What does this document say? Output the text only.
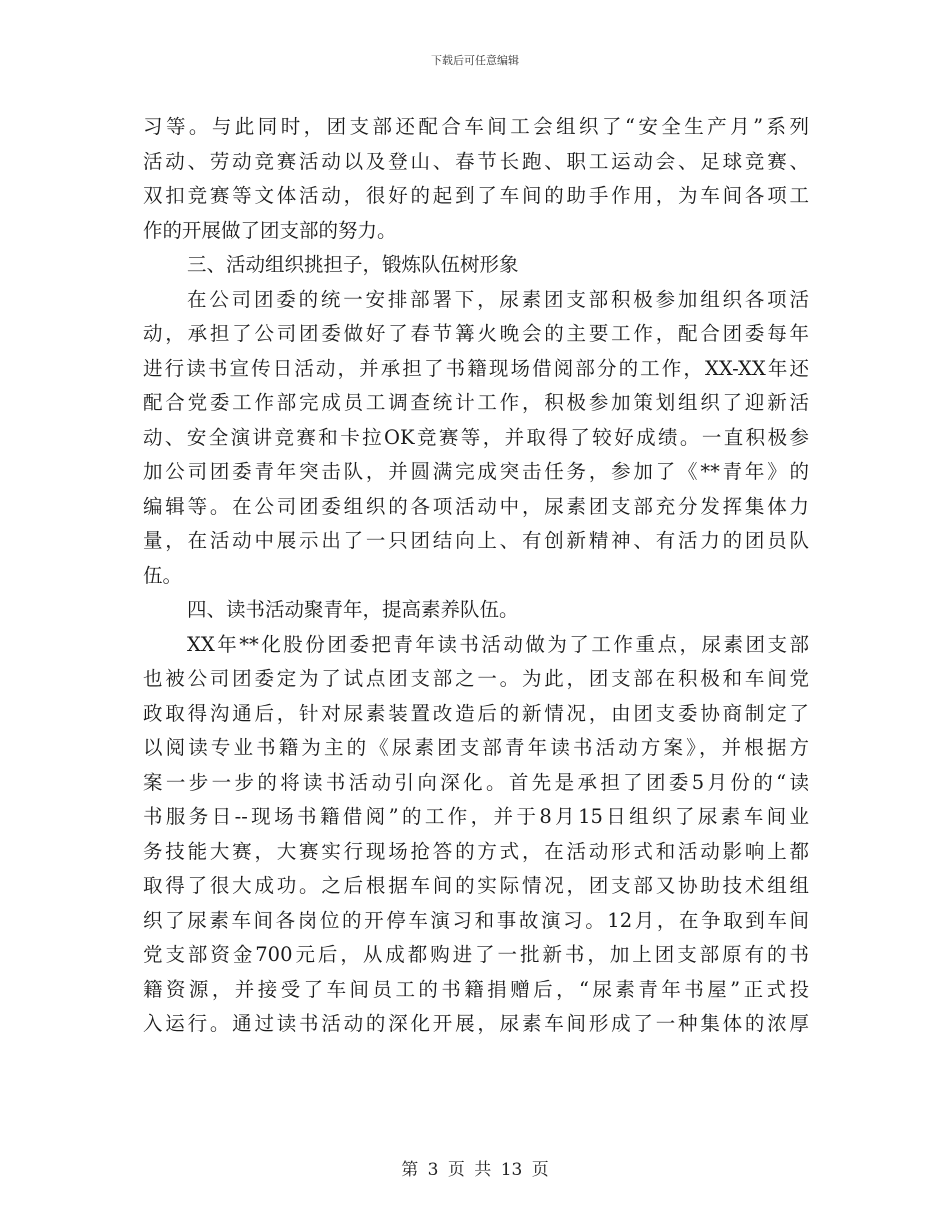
下载后可任意编辑
习等。与此同时，团支部还配合车间工会组织了“安全生产月”系列
活动、劳动竞赛活动以及登山、春节长跑、职工运动会、足球竞赛、
双扣竞赛等文体活动，很好的起到了车间的助手作用，为车间各项工
作的开展做了团支部的努力。
三、活动组织挑担子，锻炼队伍树形象
在公司团委的统一安排部署下，尿素团支部积极参加组织各项活
动，承担了公司团委做好了春节篝火晚会的主要工作，配合团委每年
进行读书宣传日活动，并承担了书籍现场借阅部分的工作，XX-XX年还
配合党委工作部完成员工调查统计工作，积极参加策划组织了迎新活
动、安全演讲竞赛和卡拉OK竞赛等，并取得了较好成绩。一直积极参
加公司团委青年突击队，并圆满完成突击任务，参加了《**青年》的
编辑等。在公司团委组织的各项活动中，尿素团支部充分发挥集体力
量，在活动中展示出了一只团结向上、有创新精神、有活力的团员队
伍。
四、读书活动聚青年，提高素养队伍。
XX年**化股份团委把青年读书活动做为了工作重点，尿素团支部
也被公司团委定为了试点团支部之一。为此，团支部在积极和车间党
政取得沟通后，针对尿素装置改造后的新情况，由团支委协商制定了
以阅读专业书籍为主的《尿素团支部青年读书活动方案》，并根据方
案一步一步的将读书活动引向深化。首先是承担了团委5月份的“读
书服务日--现场书籍借阅”的工作，并于8月15日组织了尿素车间业
务技能大赛，大赛实行现场抢答的方式，在活动形式和活动影响上都
取得了很大成功。之后根据车间的实际情况，团支部又协助技术组组
织了尿素车间各岗位的开停车演习和事故演习。12月，在争取到车间
党支部资金700元后，从成都购进了一批新书，加上团支部原有的书
籍资源，并接受了车间员工的书籍捐赠后，“尿素青年书屋”正式投
入运行。通过读书活动的深化开展，尿素车间形成了一种集体的浓厚
第 3 页 共 13 页
